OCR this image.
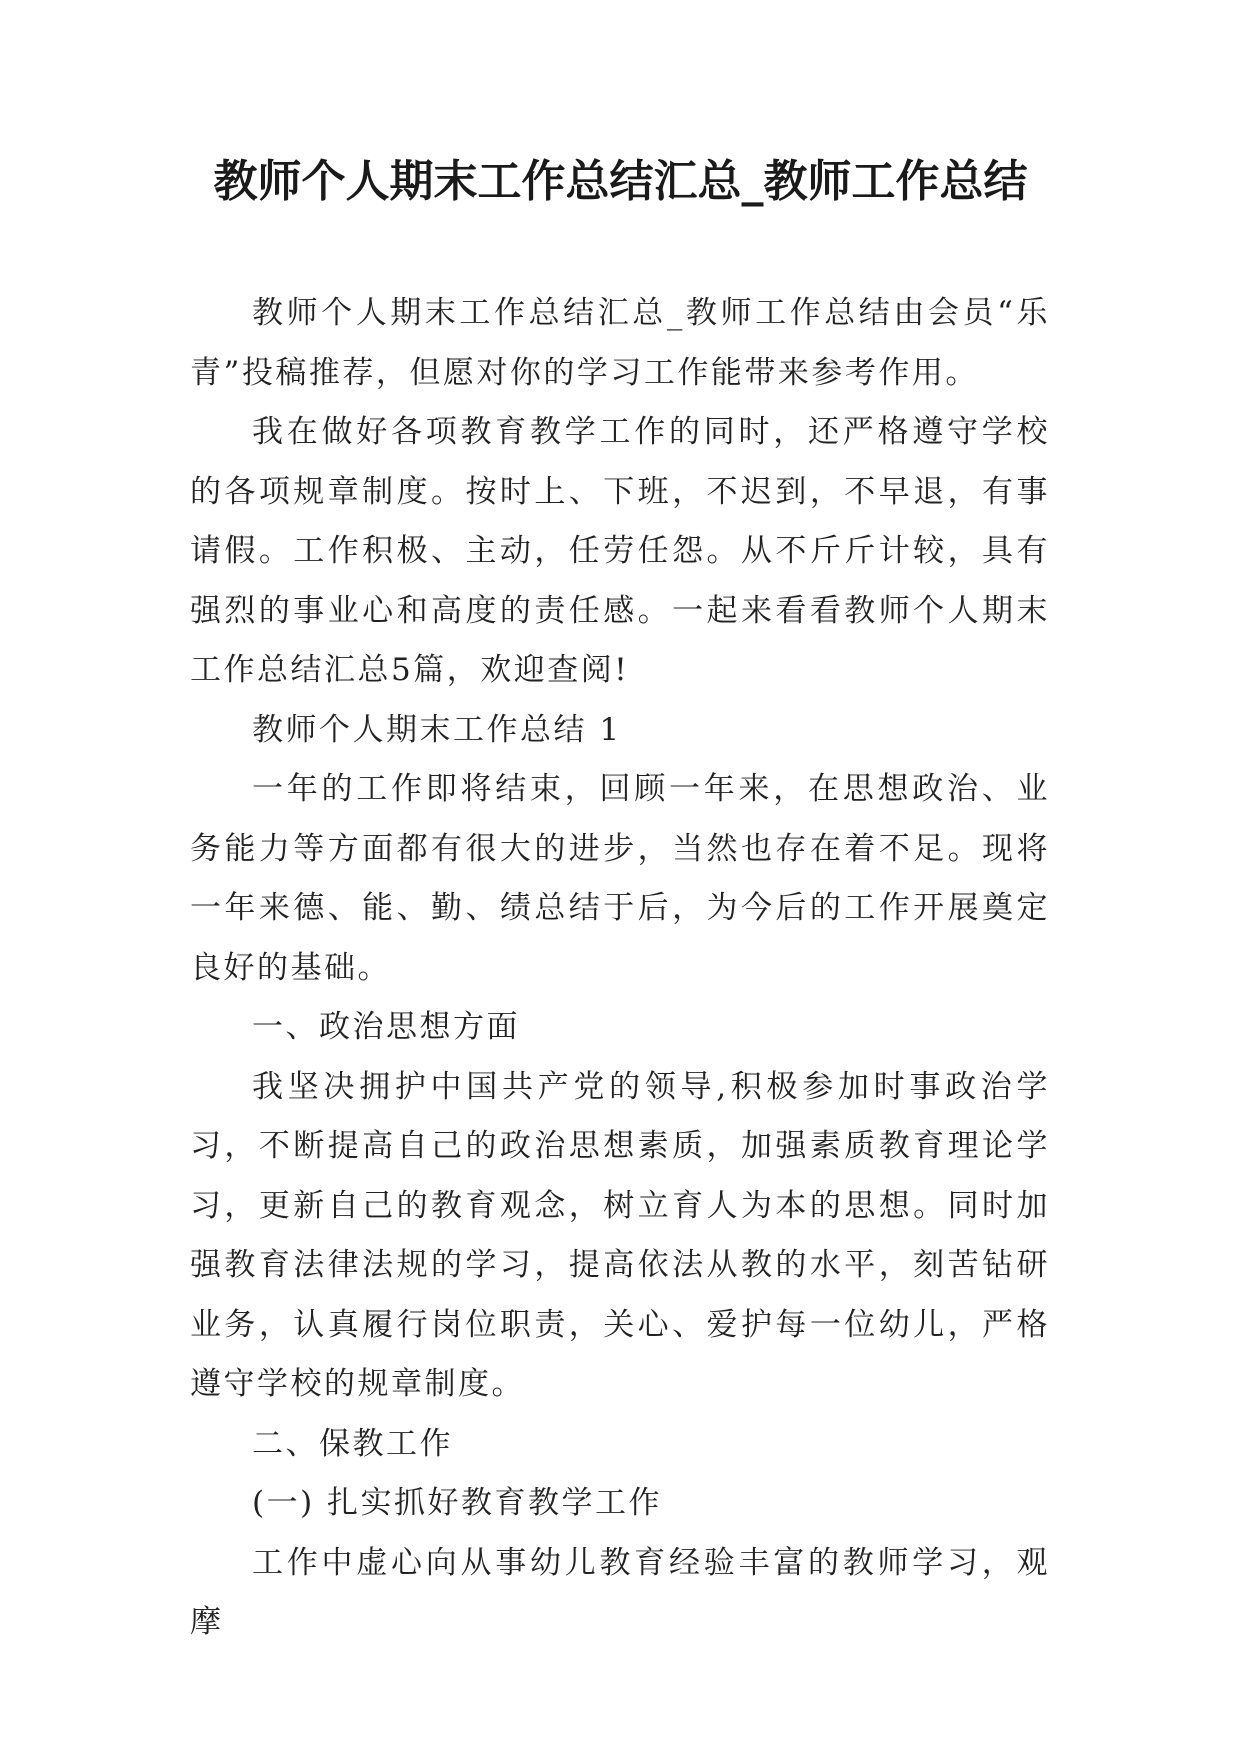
教师个人期末工作总结汇总_教师工作总结

教师个人期末工作总结汇总_教师工作总结由会员“乐青”投稿推荐，但愿对你的学习工作能带来参考作用。

我在做好各项教育教学工作的同时，还严格遵守学校的各项规章制度。按时上、下班，不迟到，不早退，有事请假。工作积极、主动，任劳任怨。从不斤斤计较，具有强烈的事业心和高度的责任感。一起来看看教师个人期末工作总结汇总5篇，欢迎查阅!

教师个人期末工作总结 1

一年的工作即将结束，回顾一年来，在思想政治、业务能力等方面都有很大的进步，当然也存在着不足。现将一年来德、能、勤、绩总结于后，为今后的工作开展奠定良好的基础。

一、政治思想方面

我坚决拥护中国共产党的领导,积极参加时事政治学习，不断提高自己的政治思想素质，加强素质教育理论学习，更新自己的教育观念，树立育人为本的思想。同时加强教育法律法规的学习，提高依法从教的水平，刻苦钻研业务，认真履行岗位职责，关心、爱护每一位幼儿，严格遵守学校的规章制度。

二、保教工作

(一) 扎实抓好教育教学工作

工作中虚心向从事幼儿教育经验丰富的教师学习，观摩
